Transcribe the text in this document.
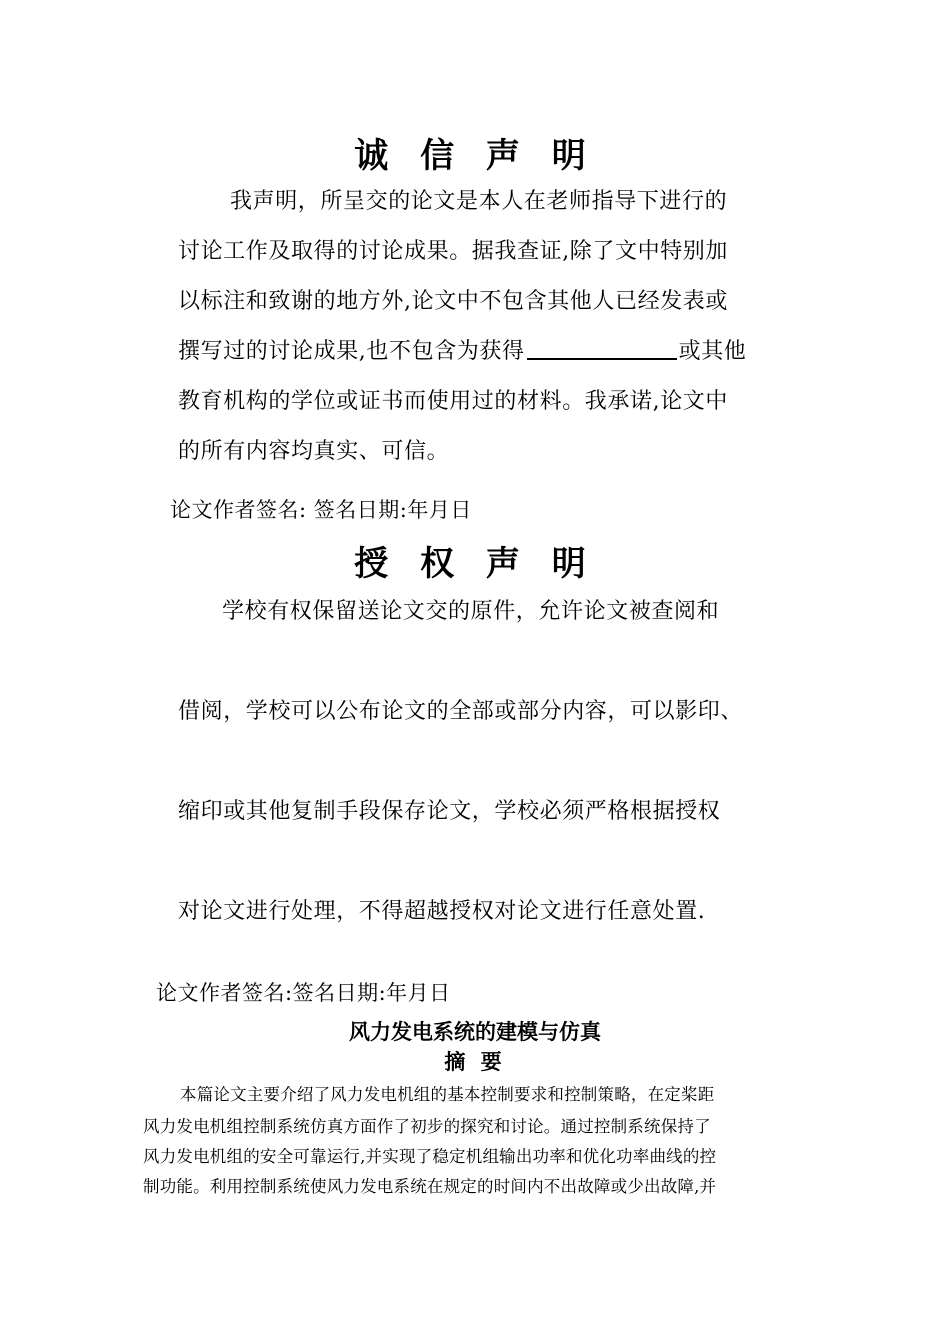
诚 信 声 明
我声明，所呈交的论文是本人在老师指导下进行的
讨论工作及取得的讨论成果。据我查证,除了文中特别加
以标注和致谢的地方外,论文中不包含其他人已经发表或
撰写过的讨论成果,也不包含为获得	或其他
教育机构的学位或证书而使用过的材料。我承诺,论文中
的所有内容均真实、可信。
论文作者签名: 签名日期:年月日
授 权 声 明
学校有权保留送论文交的原件，允许论文被查阅和
借阅，学校可以公布论文的全部或部分内容，可以影印、
缩印或其他复制手段保存论文，学校必须严格根据授权
对论文进行处理，不得超越授权对论文进行任意处置.
论文作者签名:签名日期:年月日
风力发电系统的建模与仿真
摘 要
本篇论文主要介绍了风力发电机组的基本控制要求和控制策略，在定桨距
风力发电机组控制系统仿真方面作了初步的探究和讨论。通过控制系统保持了
风力发电机组的安全可靠运行,并实现了稳定机组输出功率和优化功率曲线的控
制功能。利用控制系统使风力发电系统在规定的时间内不出故障或少出故障,并
